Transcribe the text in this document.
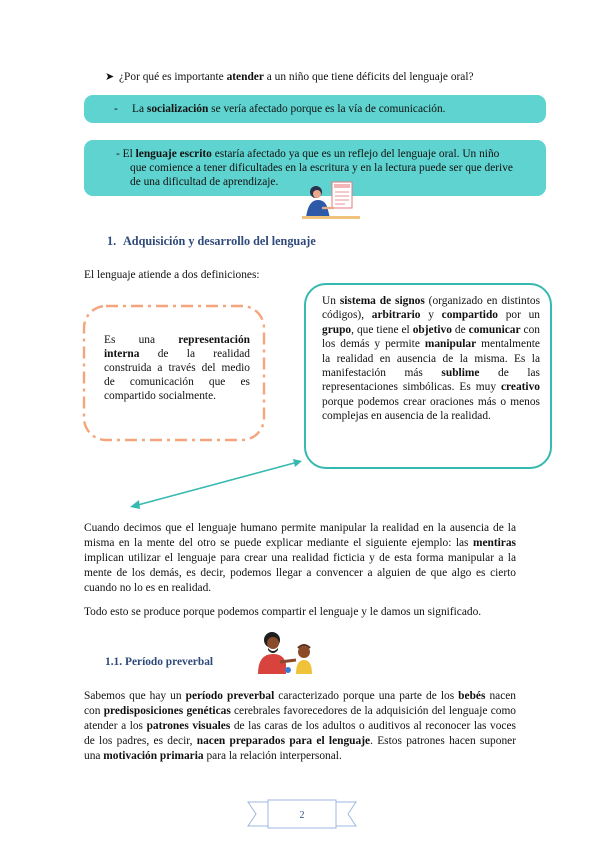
➤ ¿Por qué es importante atender a un niño que tiene déficits del lenguaje oral?
- La socialización se vería afectado porque es la vía de comunicación.
- El lenguaje escrito estaría afectado ya que es un reflejo del lenguaje oral. Un niño
que comience a tener dificultades en la escritura y en la lectura puede ser que derive
de una dificultad de aprendizaje.
1. Adquisición y desarrollo del lenguaje
El lenguaje atiende a dos definiciones:
Es una representación
interna de la realidad
construida a través del medio de comunicación que es compartido socialmente.
Un sistema de signos (organizado en distintos códigos), arbitrario y compartido por un grupo, que tiene el objetivo de comunicar con los demás y permite manipular mentalmente la realidad en ausencia de la misma. Es la manifestación más sublime de las representaciones simbólicas. Es muy creativo porque podemos crear oraciones más o menos complejas en ausencia de la realidad.
Cuando decimos que el lenguaje humano permite manipular la realidad en la ausencia de la misma en la mente del otro se puede explicar mediante el siguiente ejemplo: las mentiras implican utilizar el lenguaje para crear una realidad ficticia y de esta forma manipular a la mente de los demás, es decir, podemos llegar a convencer a alguien de que algo es cierto cuando no lo es en realidad.
Todo esto se produce porque podemos compartir el lenguaje y le damos un significado.
1.1. Período preverbal
Sabemos que hay un período preverbal caracterizado porque una parte de los bebés nacen con predisposiciones genéticas cerebrales favorecedores de la adquisición del lenguaje como atender a los patrones visuales de las caras de los adultos o auditivos al reconocer las voces de los padres, es decir, nacen preparados para el lenguaje. Estos patrones hacen suponer una motivación primaria para la relación interpersonal.
2
